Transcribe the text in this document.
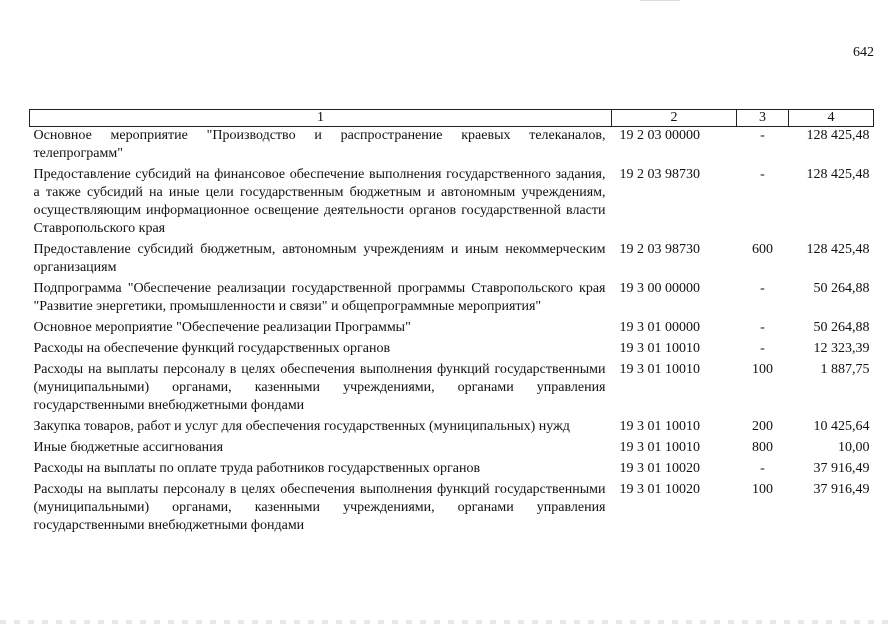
642
1	2	3	4
Основное мероприятие "Производство и распространение краевых телеканалов, телепрограмм"	19 2 03 00000	-	128 425,48
Предоставление субсидий на финансовое обеспечение выполнения государственного задания, а также субсидий на иные цели государственным бюджетным и автономным учреждениям, осуществляющим информационное освещение деятельности органов государственной власти Ставропольского края	19 2 03 98730	-	128 425,48
Предоставление субсидий бюджетным, автономным учреждениям и иным некоммерческим организациям	19 2 03 98730	600	128 425,48
Подпрограмма "Обеспечение реализации государственной программы Ставропольского края "Развитие энергетики, промышленности и связи" и общепрограммные мероприятия"	19 3 00 00000	-	50 264,88
Основное мероприятие "Обеспечение реализации Программы"	19 3 01 00000	-	50 264,88
Расходы на обеспечение функций государственных органов	19 3 01 10010	-	12 323,39
Расходы на выплаты персоналу в целях обеспечения выполнения функций государственными (муниципальными) органами, казенными учреждениями, органами управления государственными внебюджетными фондами	19 3 01 10010	100	1 887,75
Закупка товаров, работ и услуг для обеспечения государственных (муниципальных) нужд	19 3 01 10010	200	10 425,64
Иные бюджетные ассигнования	19 3 01 10010	800	10,00
Расходы на выплаты по оплате труда работников государственных органов	19 3 01 10020	-	37 916,49
Расходы на выплаты персоналу в целях обеспечения выполнения функций государственными (муниципальными) органами, казенными учреждениями, органами управления государственными внебюджетными фондами	19 3 01 10020	100	37 916,49
